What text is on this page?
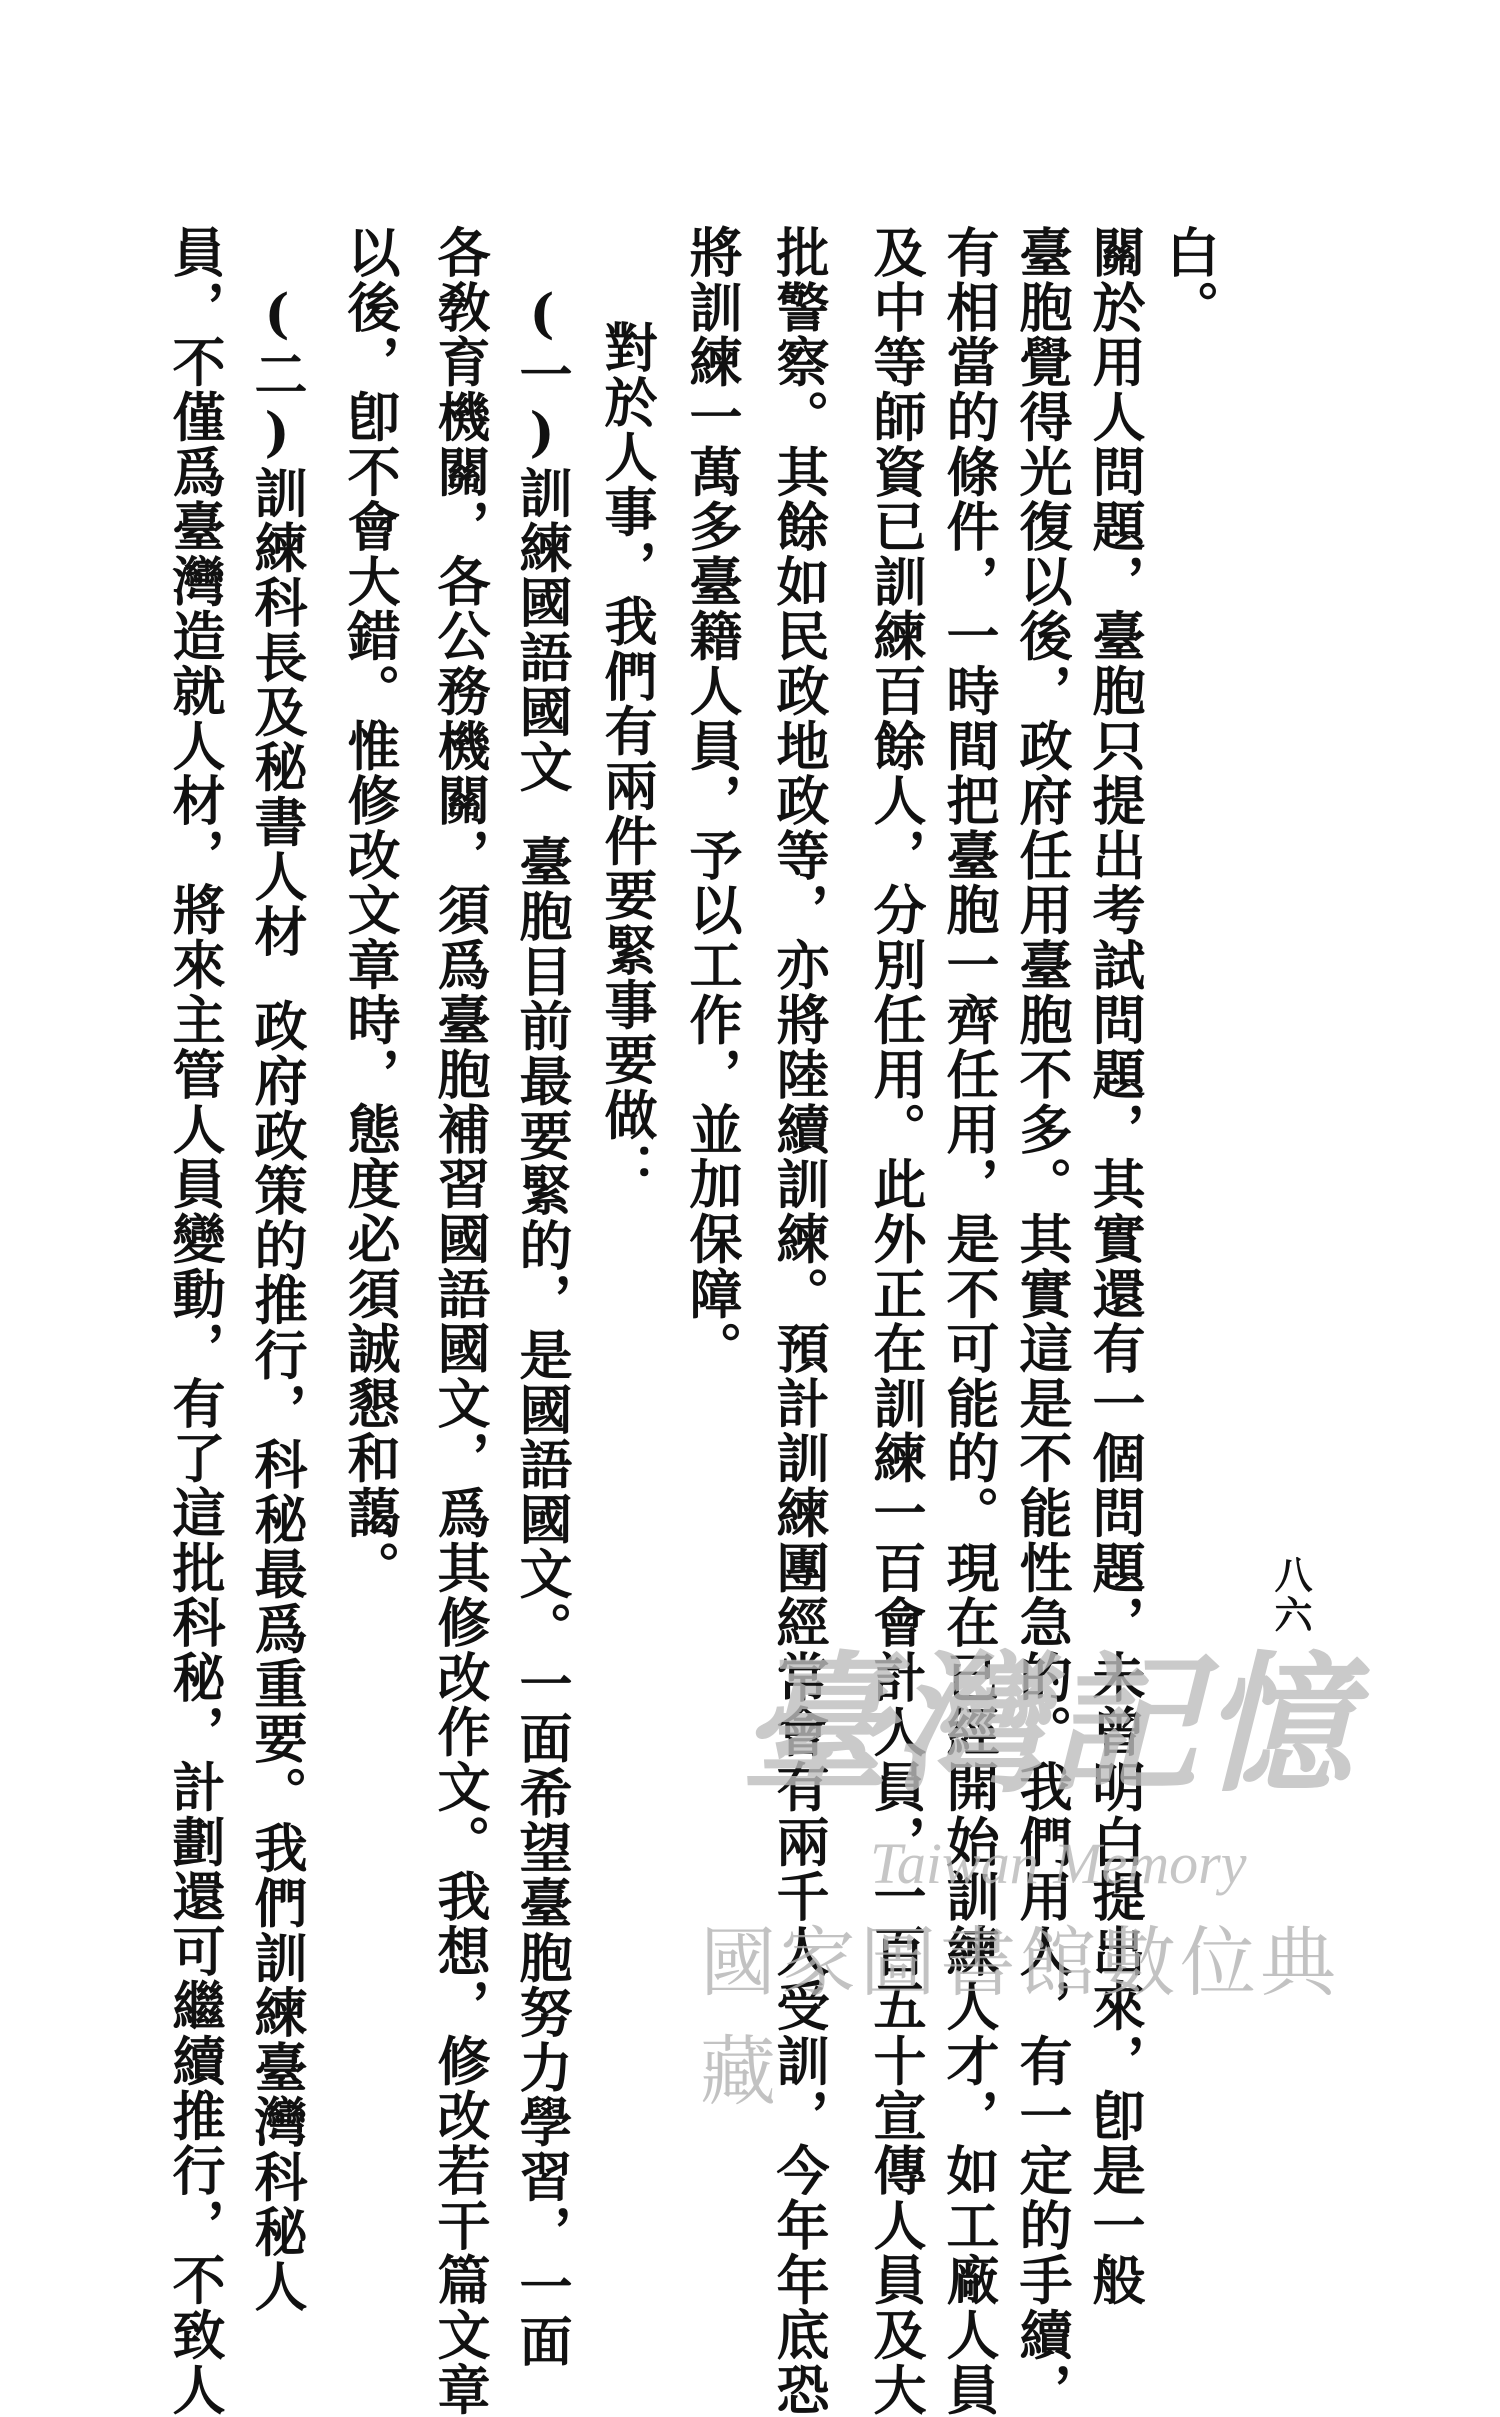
白。
關於用人問題，臺胞只提出考試問題，其實還有一個問題，未曾明白提出來，卽是一般
臺胞覺得光復以後，政府任用臺胞不多。其實這是不能性急的。我們用人，有一定的手續，
有相當的條件，一時間把臺胞一齊任用，是不可能的。現在已經開始訓練人才，如工廠人員
及中等師資已訓練百餘人，分別任用。此外正在訓練一百會計人員，一百五十宣傳人員及大
批警察。其餘如民政地政等，亦將陸續訓練。預計訓練團經常會有兩千人受訓，今年年底恐
將訓練一萬多臺籍人員，予以工作，並加保障。
對於人事，我們有兩件要緊事要做：
(一)訓練國語國文臺胞目前最要緊的，是國語國文。一面希望臺胞努力學習，一面
各敎育機關，各公務機關，須爲臺胞補習國語國文，爲其修改作文。我想，修改若干篇文章
以後，卽不會大錯。惟修改文章時，態度必須誠懇和藹。
(二)訓練科長及秘書人材政府政策的推行，科秘最爲重要。我們訓練臺灣科秘人
員，不僅爲臺灣造就人材，將來主管人員變動，有了這批科秘，計劃還可繼續推行，不致人	八六
臺灣記憶
Taiwan Memory
國家圖書館數位典藏
